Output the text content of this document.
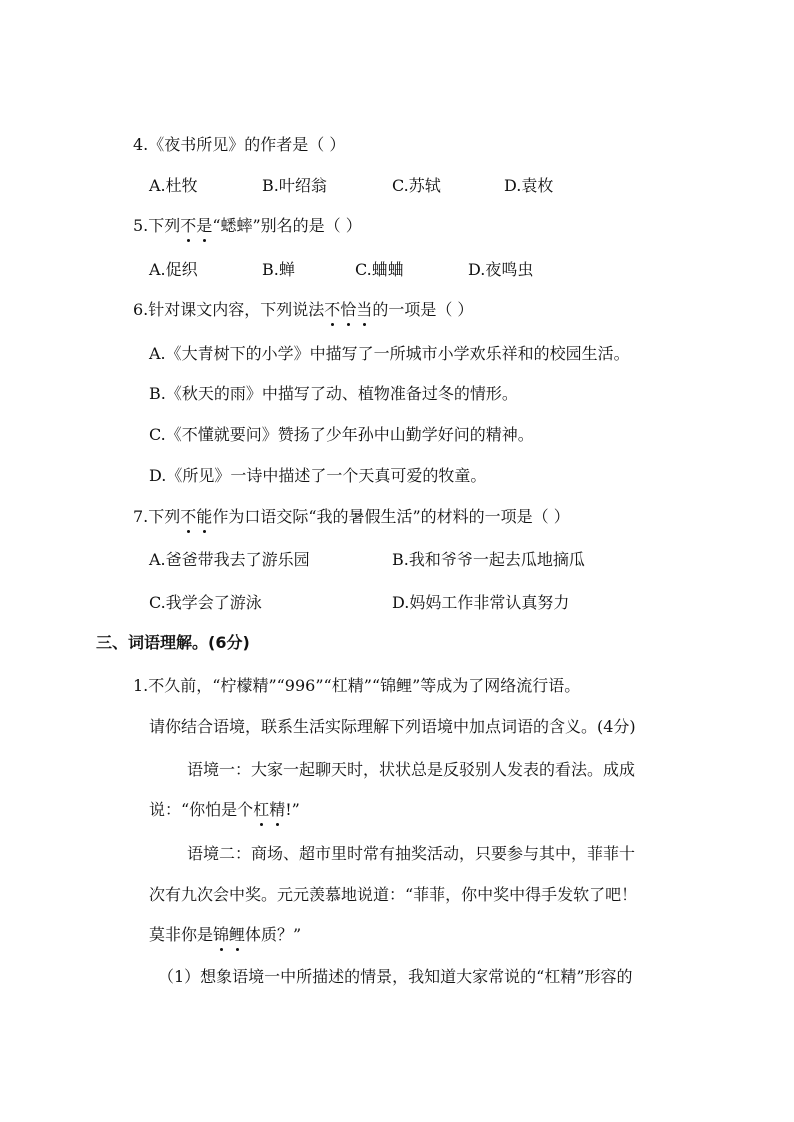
4.《夜书所见》的作者是（ ）
A.杜牧	B.叶绍翁	C.苏轼	D.袁枚
5.下列不是“蟋蟀”别名的是（ ）
A.促织	B.蝉	C.蛐蛐	D.夜鸣虫
6.针对课文内容，下列说法不恰当的一项是（ ）
A.《大青树下的小学》中描写了一所城市小学欢乐祥和的校园生活。
B.《秋天的雨》中描写了动、植物准备过冬的情形。
C.《不懂就要问》赞扬了少年孙中山勤学好问的精神。
D.《所见》一诗中描述了一个天真可爱的牧童。
7.下列不能作为口语交际“我的暑假生活”的材料的一项是（ ）
A.爸爸带我去了游乐园	B.我和爷爷一起去瓜地摘瓜
C.我学会了游泳	D.妈妈工作非常认真努力
三、词语理解。(6分)
1.不久前，“柠檬精”“996”“杠精”“锦鲤”等成为了网络流行语。
请你结合语境，联系生活实际理解下列语境中加点词语的含义。(4分)
语境一：大家一起聊天时，状状总是反驳别人发表的看法。成成
说：“你怕是个杠精!”
语境二：商场、超市里时常有抽奖活动，只要参与其中，菲菲十
次有九次会中奖。元元羡慕地说道：“菲菲，你中奖中得手发软了吧！
莫非你是锦鲤体质？”
（1）想象语境一中所描述的情景，我知道大家常说的“杠精”形容的
